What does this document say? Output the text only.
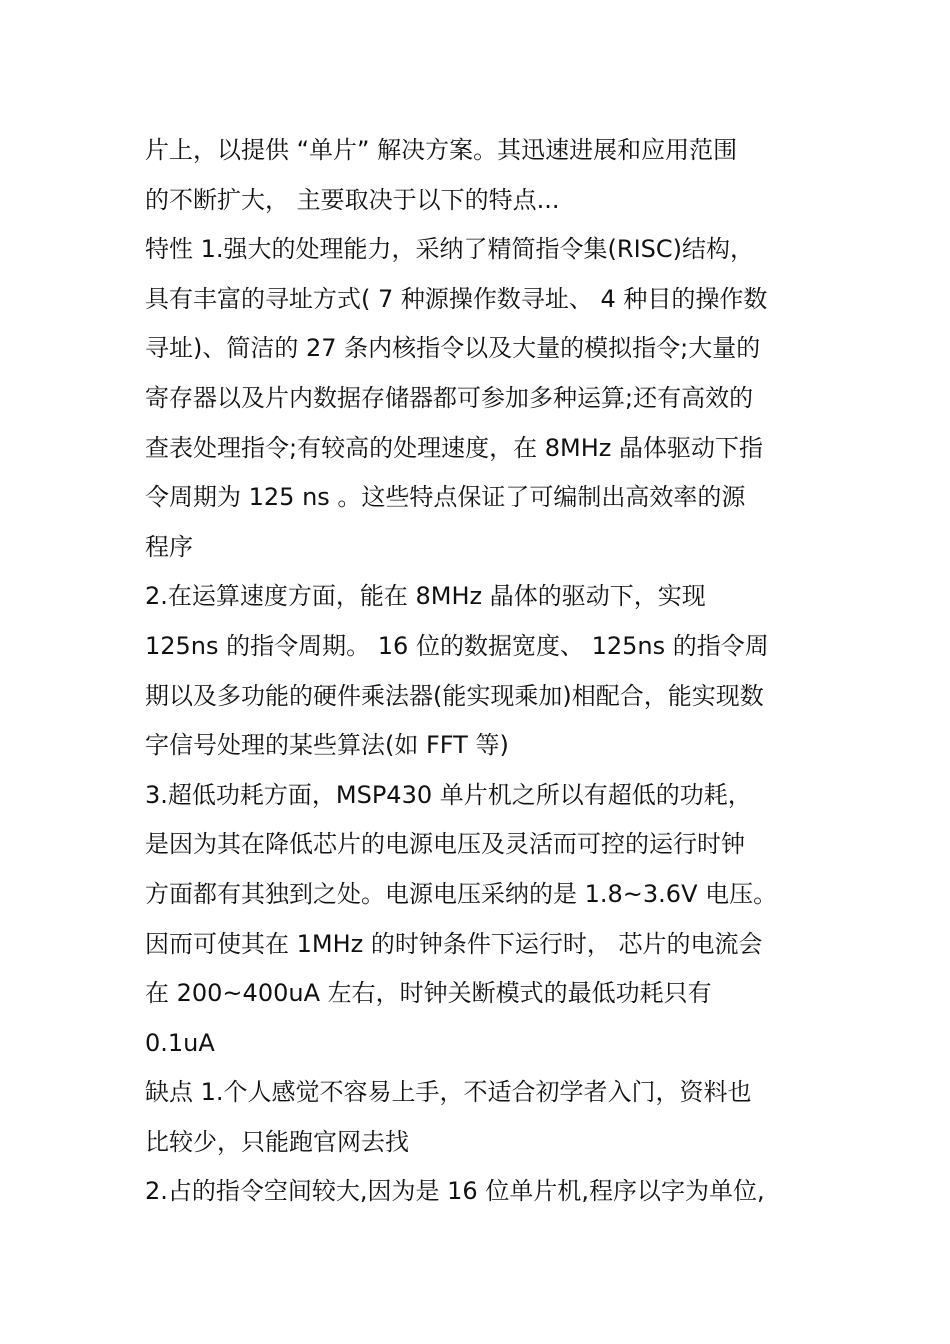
片上，以提供 “单片” 解决方案。其迅速进展和应用范围
的不断扩大， 主要取决于以下的特点...
特性 1.强大的处理能力，采纳了精简指令集(RISC)结构，
具有丰富的寻址方式( 7 种源操作数寻址、 4 种目的操作数
寻址)、简洁的 27 条内核指令以及大量的模拟指令;大量的
寄存器以及片内数据存储器都可参加多种运算;还有高效的
查表处理指令;有较高的处理速度，在 8MHz 晶体驱动下指
令周期为 125 ns 。这些特点保证了可编制出高效率的源
程序
2.在运算速度方面，能在 8MHz 晶体的驱动下，实现
125ns 的指令周期。 16 位的数据宽度、 125ns 的指令周
期以及多功能的硬件乘法器(能实现乘加)相配合，能实现数
字信号处理的某些算法(如 FFT 等)
3.超低功耗方面，MSP430 单片机之所以有超低的功耗，
是因为其在降低芯片的电源电压及灵活而可控的运行时钟
方面都有其独到之处。电源电压采纳的是 1.8~3.6V 电压。
因而可使其在 1MHz 的时钟条件下运行时， 芯片的电流会
在 200~400uA 左右，时钟关断模式的最低功耗只有
0.1uA
缺点 1.个人感觉不容易上手，不适合初学者入门，资料也
比较少，只能跑官网去找
2.占的指令空间较大,因为是 16 位单片机,程序以字为单位,
